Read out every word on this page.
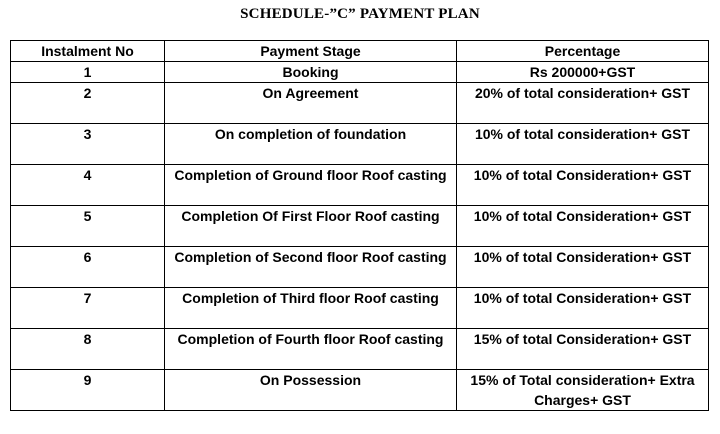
SCHEDULE-”C” PAYMENT PLAN
Instalment No	Payment Stage	Percentage
1	Booking	Rs 200000+GST
2	On Agreement	20% of total consideration+ GST
3	On completion of foundation	10% of total consideration+ GST
4	Completion of Ground floor Roof casting	10% of total Consideration+ GST
5	Completion Of First Floor Roof casting	10% of total Consideration+ GST
6	Completion of Second floor Roof casting	10% of total Consideration+ GST
7	Completion of Third floor Roof casting	10% of total Consideration+ GST
8	Completion of Fourth floor Roof casting	15% of total Consideration+ GST
9	On Possession	15% of Total consideration+ Extra Charges+ GST
